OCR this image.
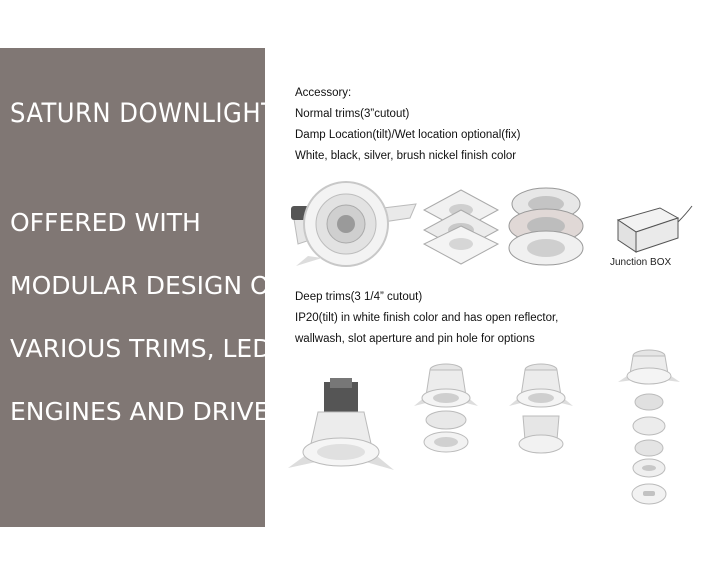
SATURN DOWNLIGHT
OFFERED WITH
MODULAR DESIGN OF
VARIOUS TRIMS, LED
ENGINES AND DRIVERS
Accessory:
Normal trims(3”cutout)
Damp Location(tilt)/Wet location optional(fix)
White, black, silver, brush nickel finish color
Junction BOX
Deep trims(3 1/4” cutout)
IP20(tilt) in white finish color and has open reflector,
wallwash, slot aperture and pin hole for options
